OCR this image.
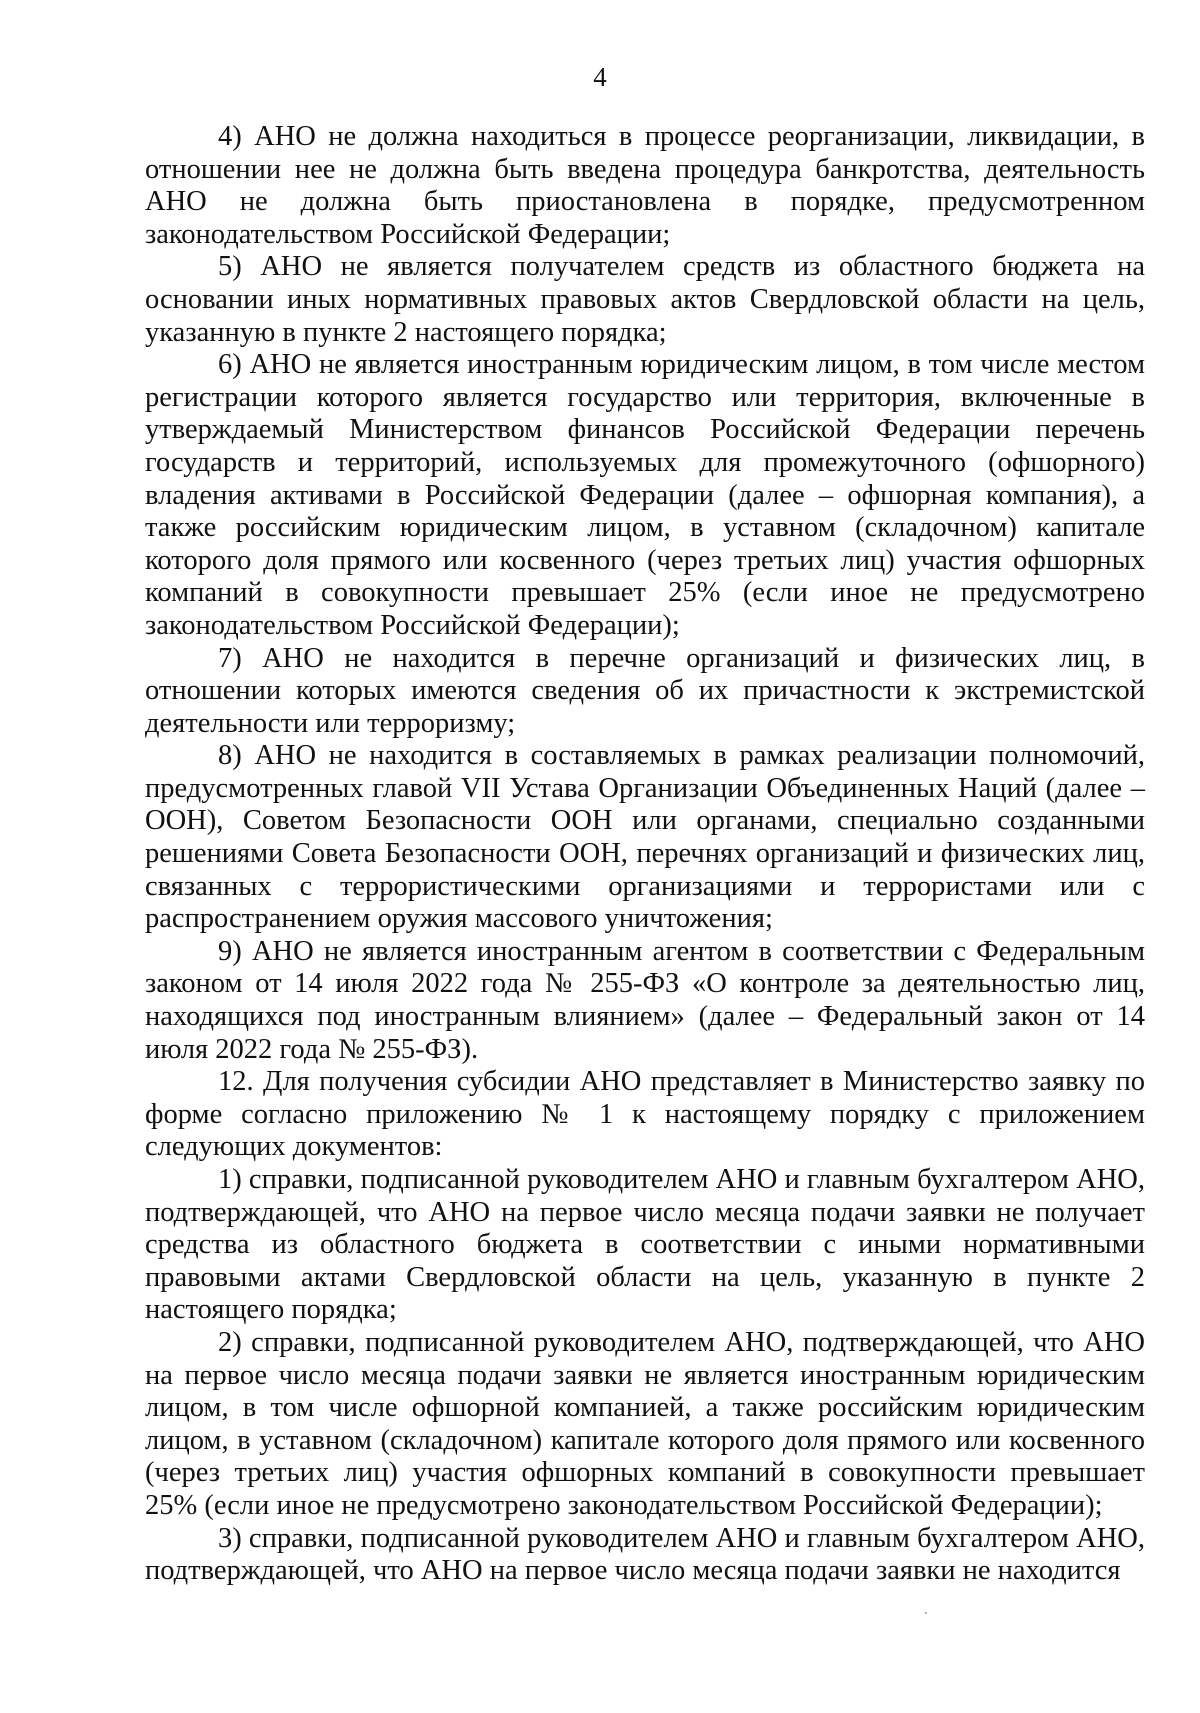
4

4) АНО не должна находиться в процессе реорганизации, ликвидации, в отношении нее не должна быть введена процедура банкротства, деятельность АНО не должна быть приостановлена в порядке, предусмотренном законодательством Российской Федерации;

5) АНО не является получателем средств из областного бюджета на основании иных нормативных правовых актов Свердловской области на цель, указанную в пункте 2 настоящего порядка;

6) АНО не является иностранным юридическим лицом, в том числе местом регистрации которого является государство или территория, включенные в утверждаемый Министерством финансов Российской Федерации перечень государств и территорий, используемых для промежуточного (офшорного) владения активами в Российской Федерации (далее – офшорная компания), а также российским юридическим лицом, в уставном (складочном) капитале которого доля прямого или косвенного (через третьих лиц) участия офшорных компаний в совокупности превышает 25% (если иное не предусмотрено законодательством Российской Федерации);

7) АНО не находится в перечне организаций и физических лиц, в отношении которых имеются сведения об их причастности к экстремистской деятельности или терроризму;

8) АНО не находится в составляемых в рамках реализации полномочий, предусмотренных главой VII Устава Организации Объединенных Наций (далее – ООН), Советом Безопасности ООН или органами, специально созданными решениями Совета Безопасности ООН, перечнях организаций и физических лиц, связанных с террористическими организациями и террористами или с распространением оружия массового уничтожения;

9) АНО не является иностранным агентом в соответствии с Федеральным законом от 14 июля 2022 года № 255-ФЗ «О контроле за деятельностью лиц, находящихся под иностранным влиянием» (далее – Федеральный закон от 14 июля 2022 года № 255-ФЗ).

12. Для получения субсидии АНО представляет в Министерство заявку по форме согласно приложению № 1 к настоящему порядку с приложением следующих документов:

1) справки, подписанной руководителем АНО и главным бухгалтером АНО, подтверждающей, что АНО на первое число месяца подачи заявки не получает средства из областного бюджета в соответствии с иными нормативными правовыми актами Свердловской области на цель, указанную в пункте 2 настоящего порядка;

2) справки, подписанной руководителем АНО, подтверждающей, что АНО на первое число месяца подачи заявки не является иностранным юридическим лицом, в том числе офшорной компанией, а также российским юридическим лицом, в уставном (складочном) капитале которого доля прямого или косвенного (через третьих лиц) участия офшорных компаний в совокупности превышает 25% (если иное не предусмотрено законодательством Российской Федерации);

3) справки, подписанной руководителем АНО и главным бухгалтером АНО, подтверждающей, что АНО на первое число месяца подачи заявки не находится
